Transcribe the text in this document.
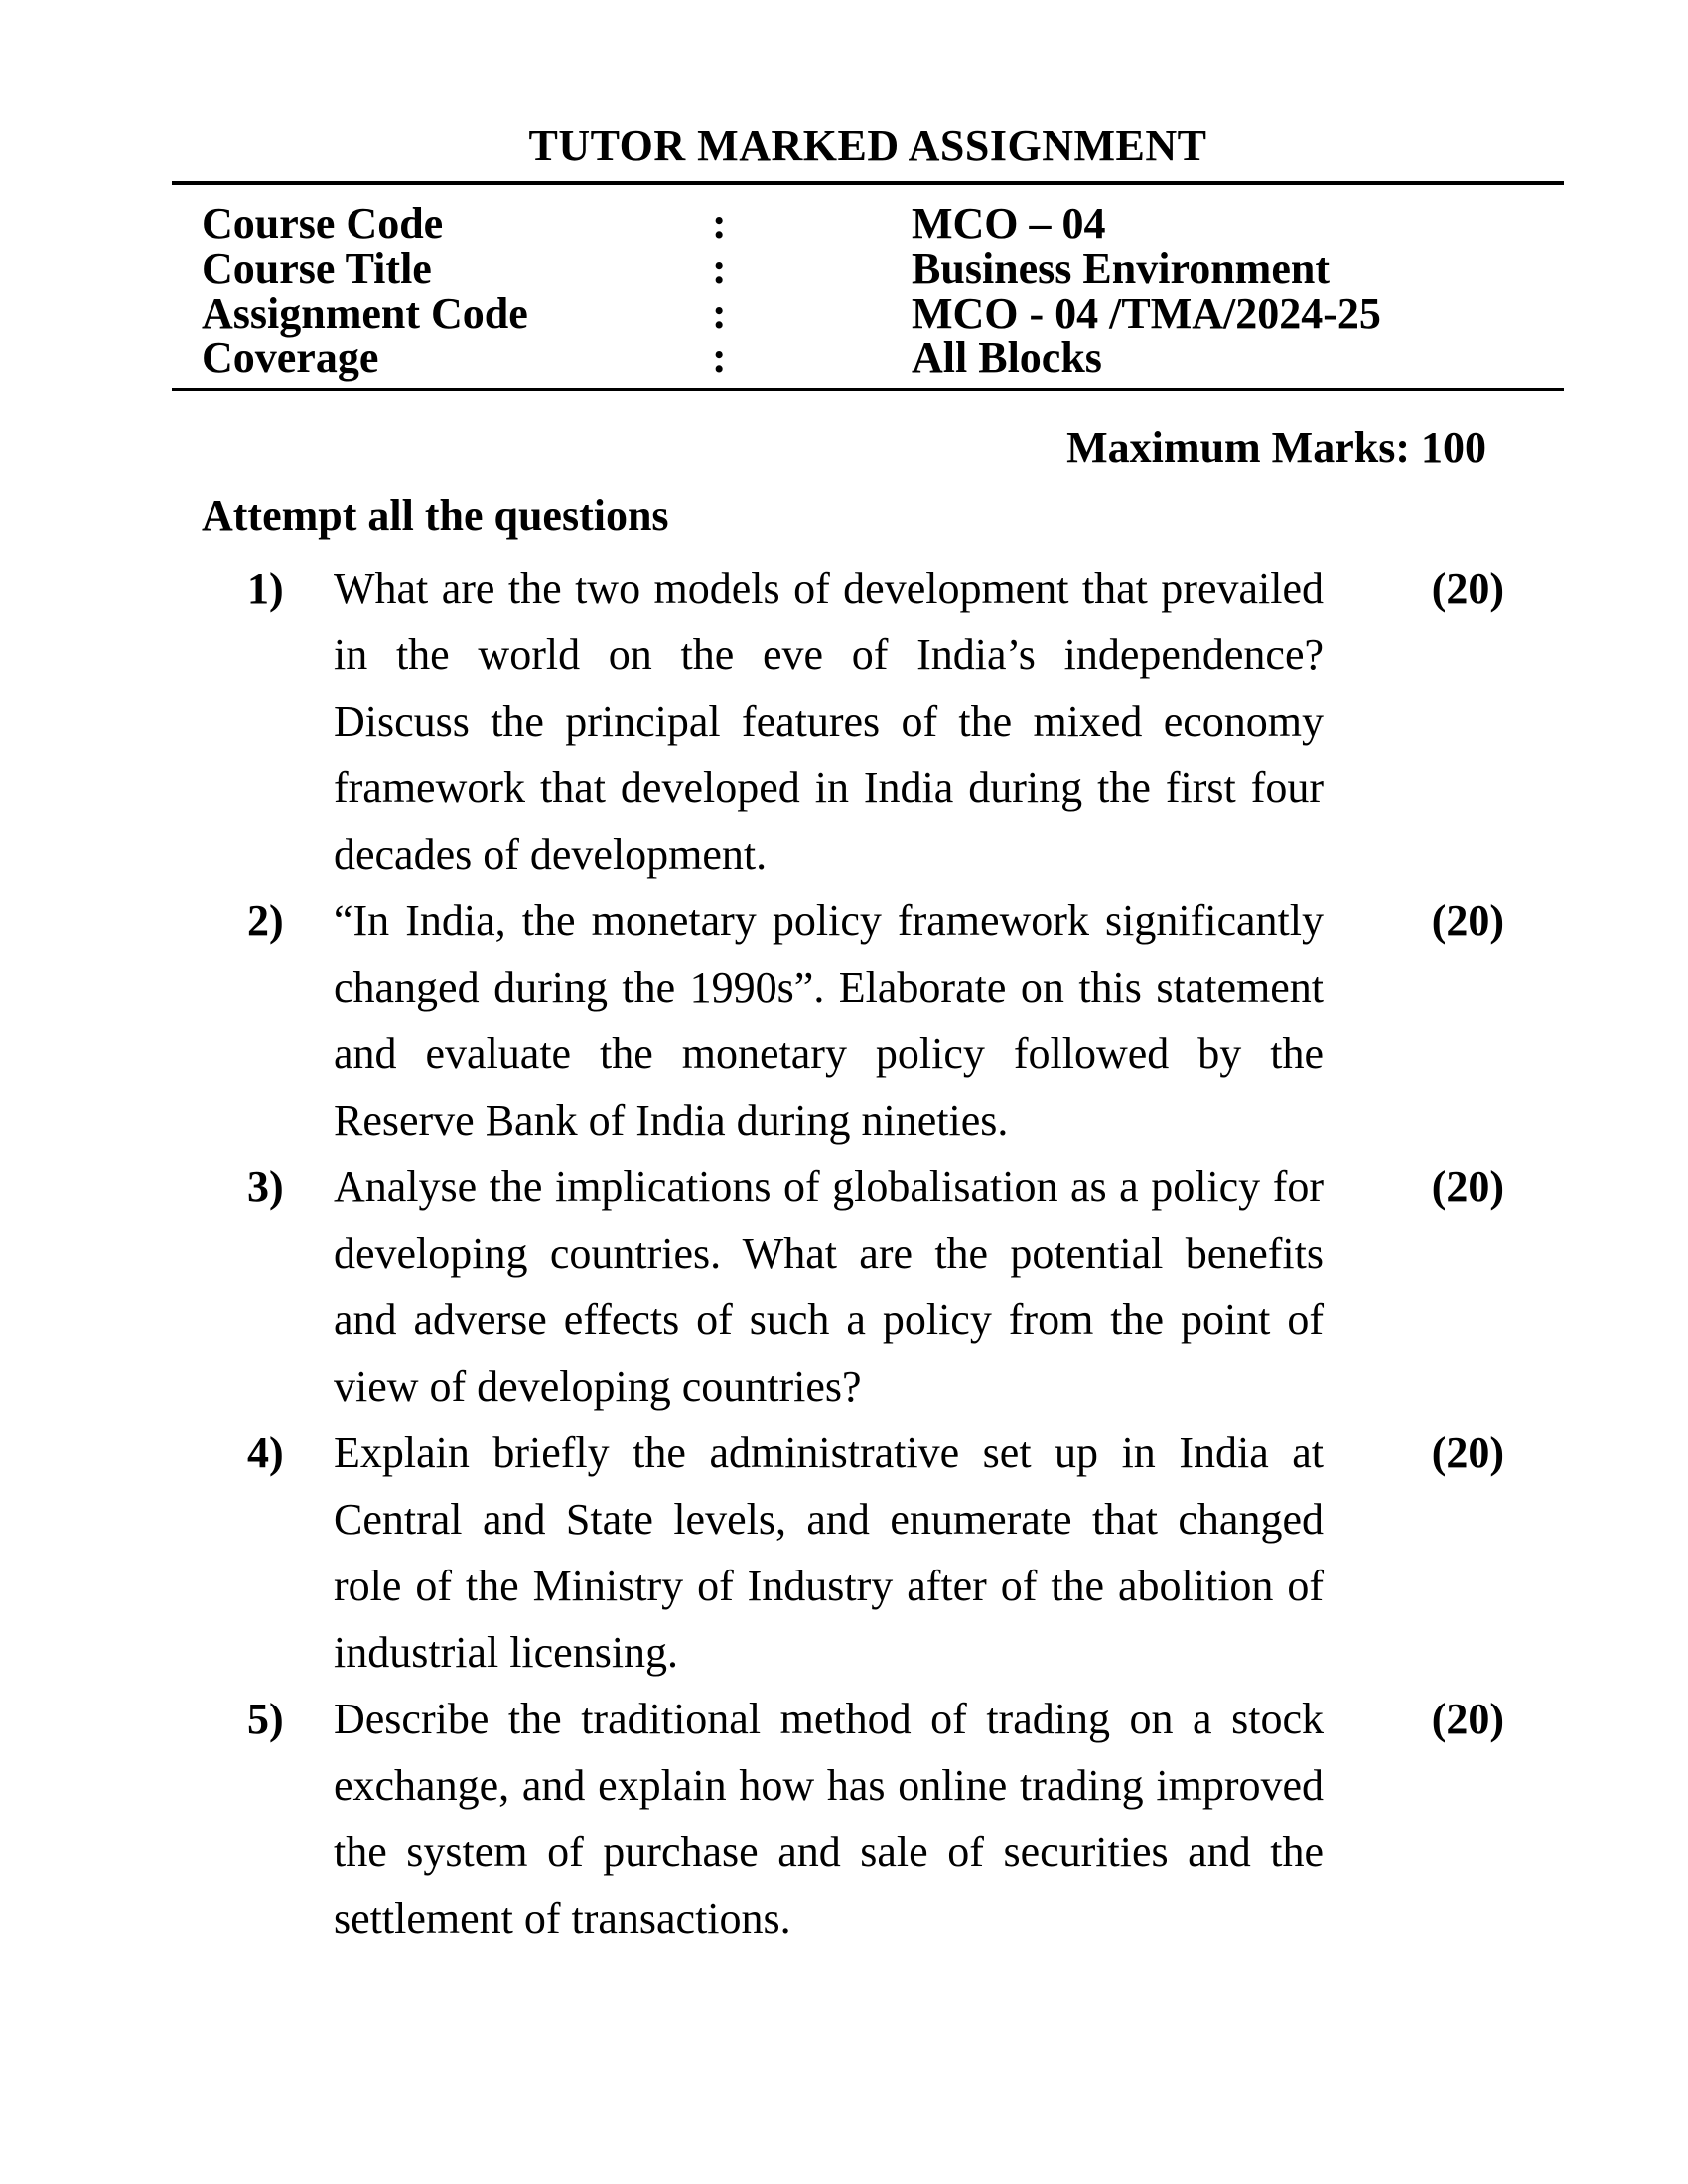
TUTOR MARKED ASSIGNMENT
Course Code	:	MCO – 04
Course Title	:	Business Environment
Assignment Code	:	MCO - 04 /TMA/2024-25
Coverage	:	All Blocks
Maximum Marks: 100
Attempt all the questions
1)	What are the two models of development that prevailed in the world on the eve of India’s independence? Discuss the principal features of the mixed economy framework that developed in India during the first four decades of development.
(20)
2)	“In India, the monetary policy framework significantly changed during the 1990s”. Elaborate on this statement and evaluate the monetary policy followed by the Reserve Bank of India during nineties.
(20)
3)	Analyse the implications of globalisation as a policy for developing countries. What are the potential benefits and adverse effects of such a policy from the point of view of developing countries?
(20)
4)	Explain briefly the administrative set up in India at Central and State levels, and enumerate that changed role of the Ministry of Industry after of the abolition of industrial licensing.
(20)
5)	Describe the traditional method of trading on a stock exchange, and explain how has online trading improved the system of purchase and sale of securities and the settlement of transactions.
(20)
